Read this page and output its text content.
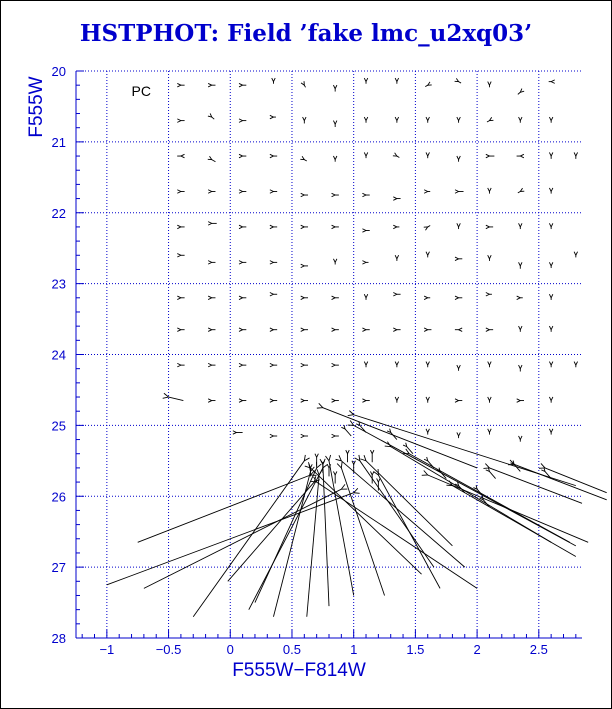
HSTPHOT: Field ’fake lmc_u2xq03’
−1	−0.5	0	0.5	1	1.5	2	2.5
20
21
22
23
24
25
26
27
28
F555W−F814W
F555W	PC
